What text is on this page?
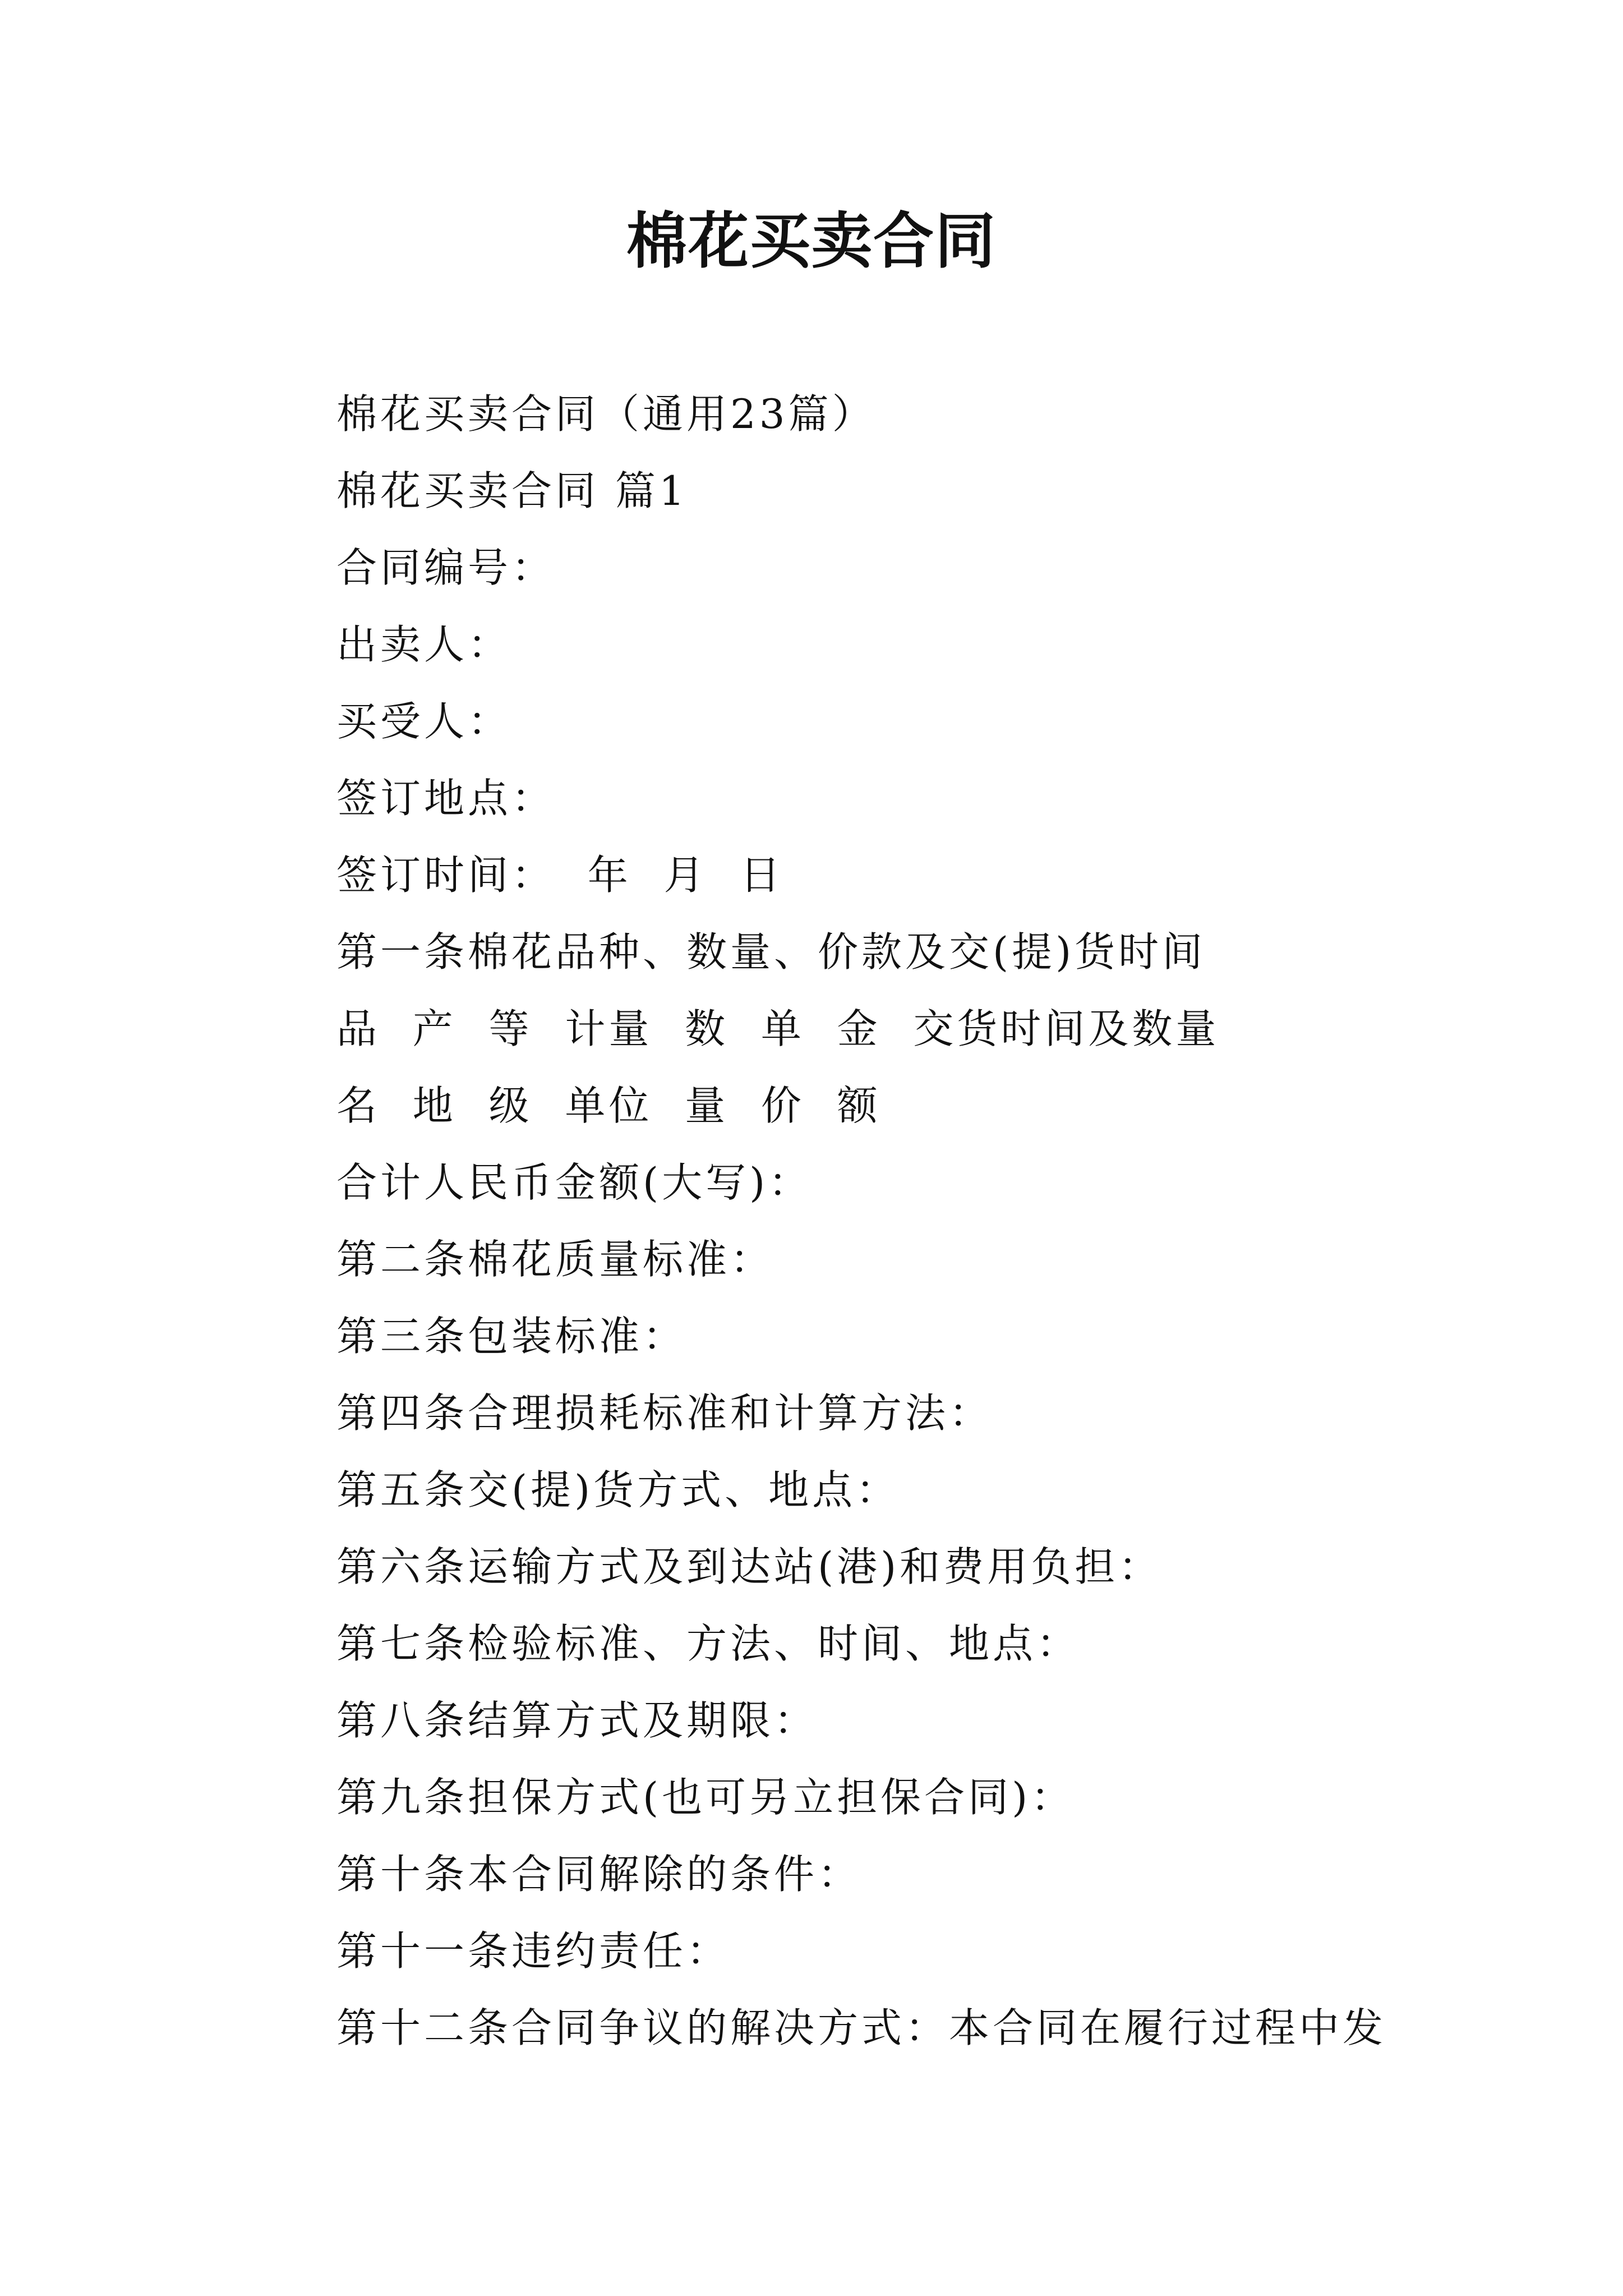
棉花买卖合同
棉花买卖合同（通用23篇）
棉花买卖合同 篇1
合同编号：
出卖人：
买受人：
签订地点：
签订时间：  年  月  日
第一条棉花品种、数量、价款及交(提)货时间
品  产  等  计量  数  单  金  交货时间及数量
名  地  级  单位  量  价  额
合计人民币金额(大写)：
第二条棉花质量标准：
第三条包装标准：
第四条合理损耗标准和计算方法：
第五条交(提)货方式、地点：
第六条运输方式及到达站(港)和费用负担：
第七条检验标准、方法、时间、地点：
第八条结算方式及期限：
第九条担保方式(也可另立担保合同)：
第十条本合同解除的条件：
第十一条违约责任：
第十二条合同争议的解决方式：本合同在履行过程中发
